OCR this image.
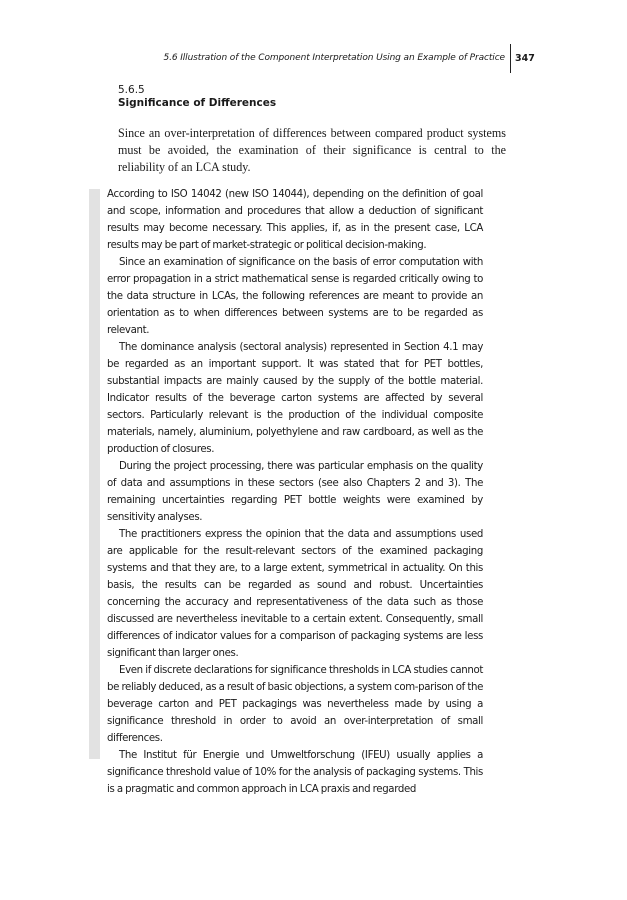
5.6 Illustration of the Component Interpretation Using an Example of Practice 347
5.6.5
Significance of Differences

Since an over-interpretation of differences between compared product systems must be avoided, the examination of their significance is central to the reliability of an LCA study.

According to ISO 14042 (new ISO 14044), depending on the definition of goal and scope, information and procedures that allow a deduction of significant results may become necessary. This applies, if, as in the present case, LCA results may be part of market-strategic or political decision-making.

Since an examination of significance on the basis of error computation with error propagation in a strict mathematical sense is regarded critically owing to the data structure in LCAs, the following references are meant to provide an orientation as to when differences between systems are to be regarded as relevant.

The dominance analysis (sectoral analysis) represented in Section 4.1 may be regarded as an important support. It was stated that for PET bottles, substantial impacts are mainly caused by the supply of the bottle material. Indicator results of the beverage carton systems are affected by several sectors. Particularly relevant is the production of the individual composite materials, namely, aluminium, polyethylene and raw cardboard, as well as the production of closures.

During the project processing, there was particular emphasis on the quality of data and assumptions in these sectors (see also Chapters 2 and 3). The remaining uncertainties regarding PET bottle weights were examined by sensitivity analyses.

The practitioners express the opinion that the data and assumptions used are applicable for the result-relevant sectors of the examined packaging systems and that they are, to a large extent, symmetrical in actuality. On this basis, the results can be regarded as sound and robust. Uncertainties concerning the accuracy and representativeness of the data such as those discussed are nevertheless inevitable to a certain extent. Consequently, small differences of indicator values for a comparison of packaging systems are less significant than larger ones.

Even if discrete declarations for significance thresholds in LCA studies cannot be reliably deduced, as a result of basic objections, a system com-parison of the beverage carton and PET packagings was nevertheless made by using a significance threshold in order to avoid an over-interpretation of small differences.

The Institut für Energie und Umweltforschung (IFEU) usually applies a significance threshold value of 10% for the analysis of packaging systems. This is a pragmatic and common approach in LCA praxis and regarded
